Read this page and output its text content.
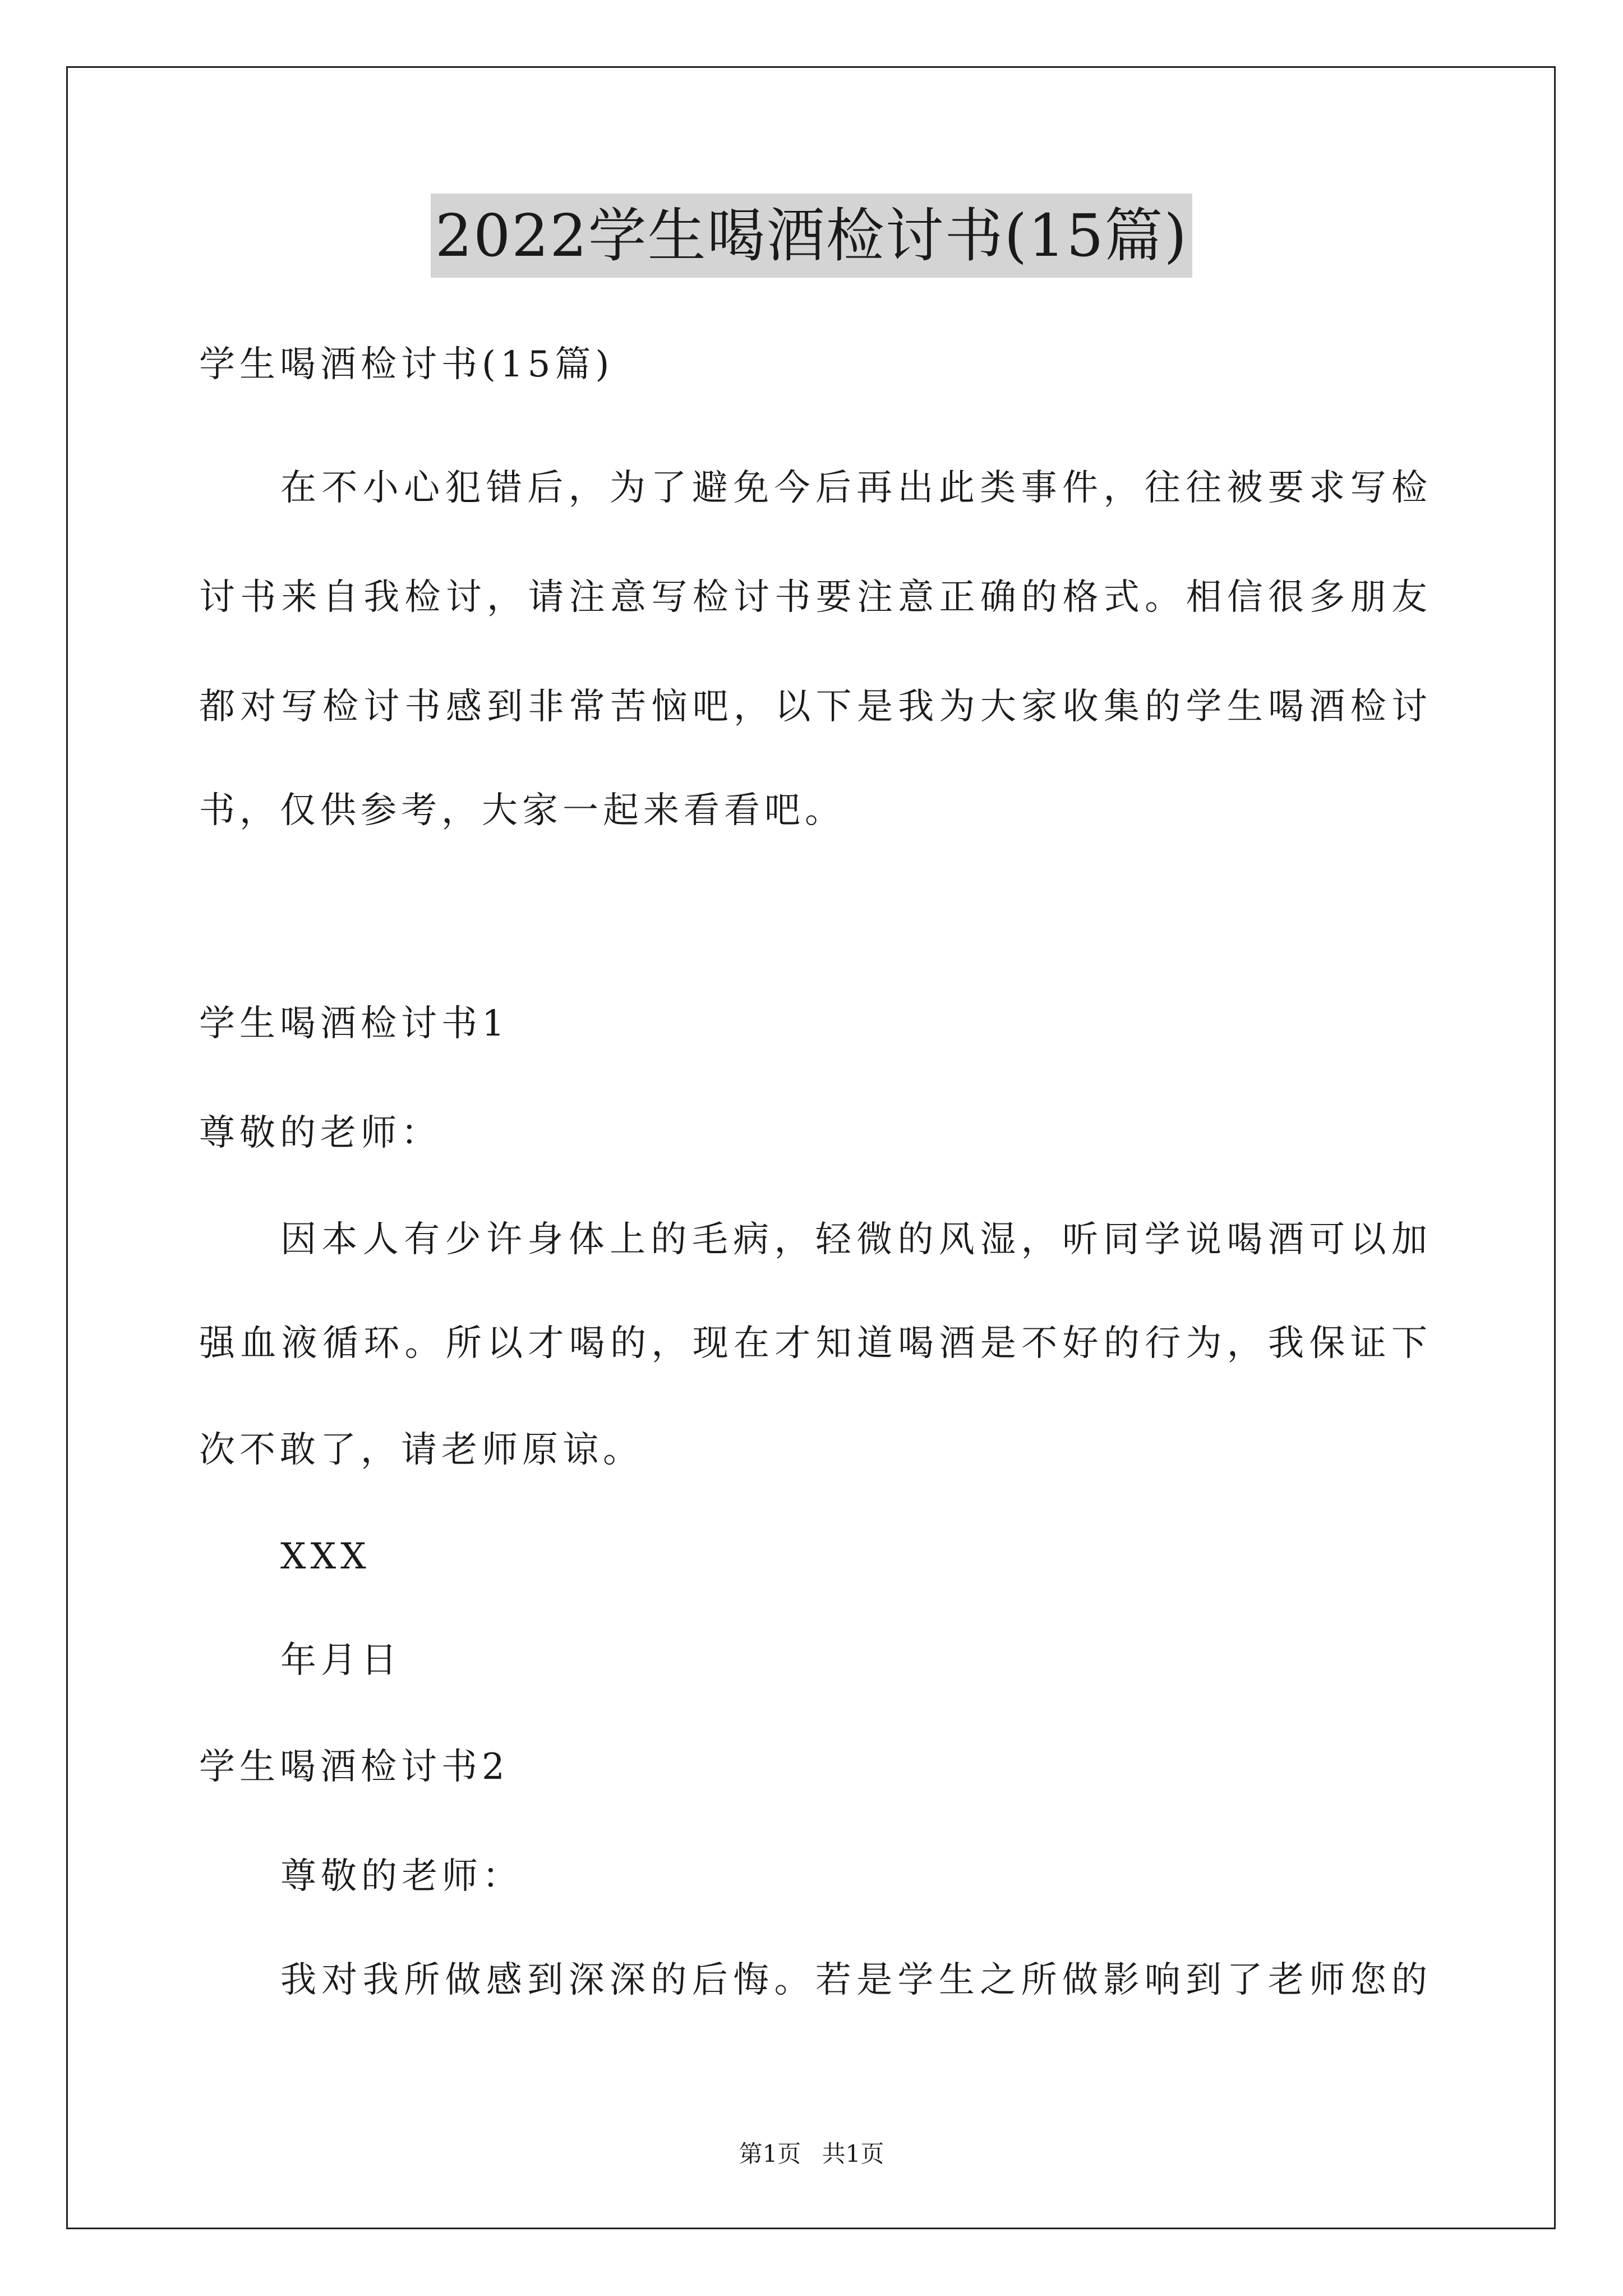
2022学生喝酒检讨书(15篇)
学生喝酒检讨书(15篇)
在不小心犯错后，为了避免今后再出此类事件，往往被要求写检
讨书来自我检讨，请注意写检讨书要注意正确的格式。相信很多朋友
都对写检讨书感到非常苦恼吧，以下是我为大家收集的学生喝酒检讨
书，仅供参考，大家一起来看看吧。
学生喝酒检讨书1
尊敬的老师：
因本人有少许身体上的毛病，轻微的风湿，听同学说喝酒可以加
强血液循环。所以才喝的，现在才知道喝酒是不好的行为，我保证下
次不敢了，请老师原谅。
XXX
年月日
学生喝酒检讨书2
尊敬的老师：
我对我所做感到深深的后悔。若是学生之所做影响到了老师您的
第1页 共1页
